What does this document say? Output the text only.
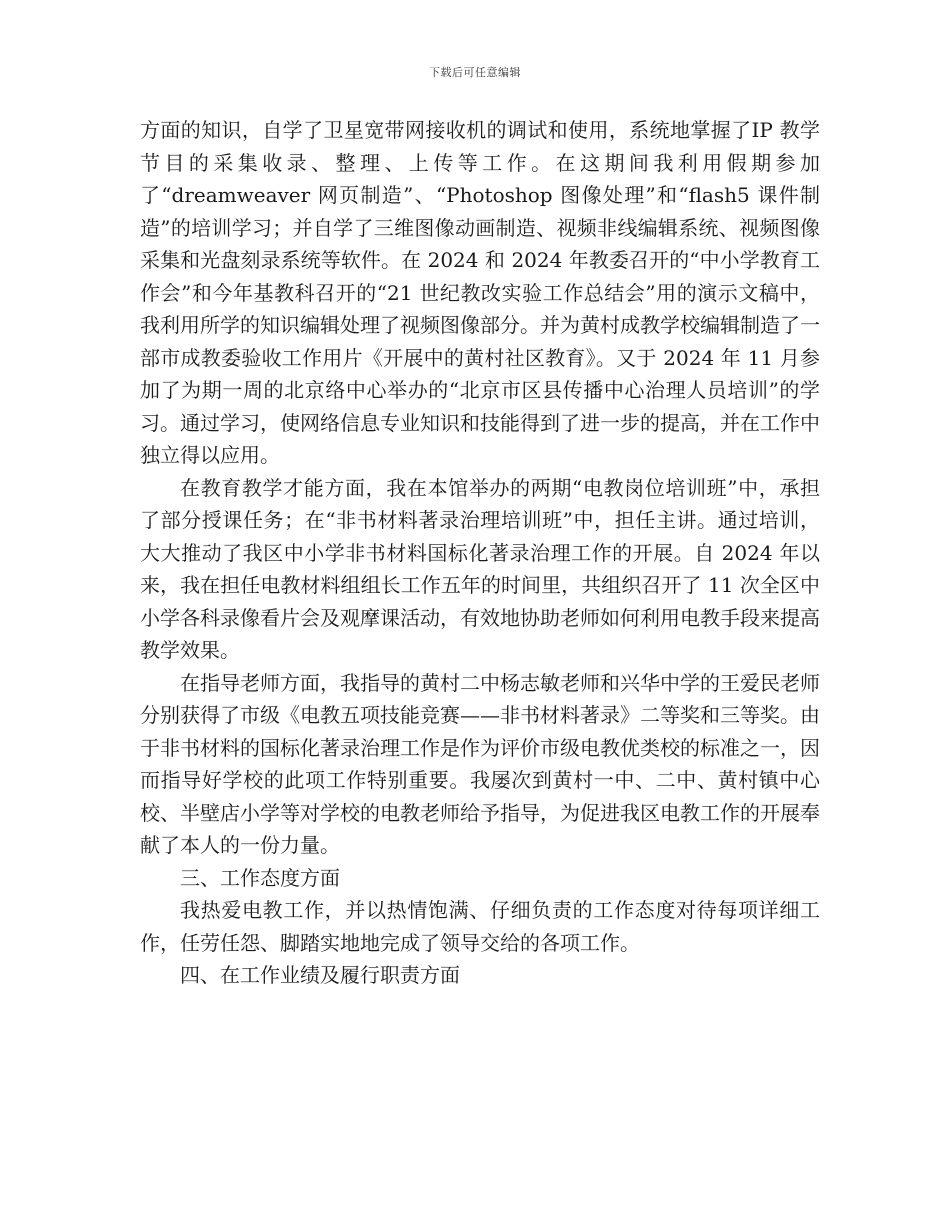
下载后可任意编辑

方面的知识，自学了卫星宽带网接收机的调试和使用，系统地掌握了IP 教学节目的采集收录、整理、上传等工作。在这期间我利用假期参加了“dreamweaver 网页制造”、“Photoshop 图像处理”和“flash5 课件制造”的培训学习；并自学了三维图像动画制造、视频非线编辑系统、视频图像采集和光盘刻录系统等软件。在 2024 和 2024 年教委召开的“中小学教育工作会”和今年基教科召开的“21 世纪教改实验工作总结会”用的演示文稿中，我利用所学的知识编辑处理了视频图像部分。并为黄村成教学校编辑制造了一部市成教委验收工作用片《开展中的黄村社区教育》。又于 2024 年 11 月参加了为期一周的北京络中心举办的“北京市区县传播中心治理人员培训”的学习。通过学习，使网络信息专业知识和技能得到了进一步的提高，并在工作中独立得以应用。

在教育教学才能方面，我在本馆举办的两期“电教岗位培训班”中，承担了部分授课任务；在“非书材料著录治理培训班”中，担任主讲。通过培训，大大推动了我区中小学非书材料国标化著录治理工作的开展。自 2024 年以来，我在担任电教材料组组长工作五年的时间里，共组织召开了 11 次全区中小学各科录像看片会及观摩课活动，有效地协助老师如何利用电教手段来提高教学效果。

在指导老师方面，我指导的黄村二中杨志敏老师和兴华中学的王爱民老师分别获得了市级《电教五项技能竞赛——非书材料著录》二等奖和三等奖。由于非书材料的国标化著录治理工作是作为评价市级电教优类校的标准之一，因而指导好学校的此项工作特别重要。我屡次到黄村一中、二中、黄村镇中心校、半壁店小学等对学校的电教老师给予指导，为促进我区电教工作的开展奉献了本人的一份力量。

三、工作态度方面

我热爱电教工作，并以热情饱满、仔细负责的工作态度对待每项详细工作，任劳任怨、脚踏实地地完成了领导交给的各项工作。

四、在工作业绩及履行职责方面
